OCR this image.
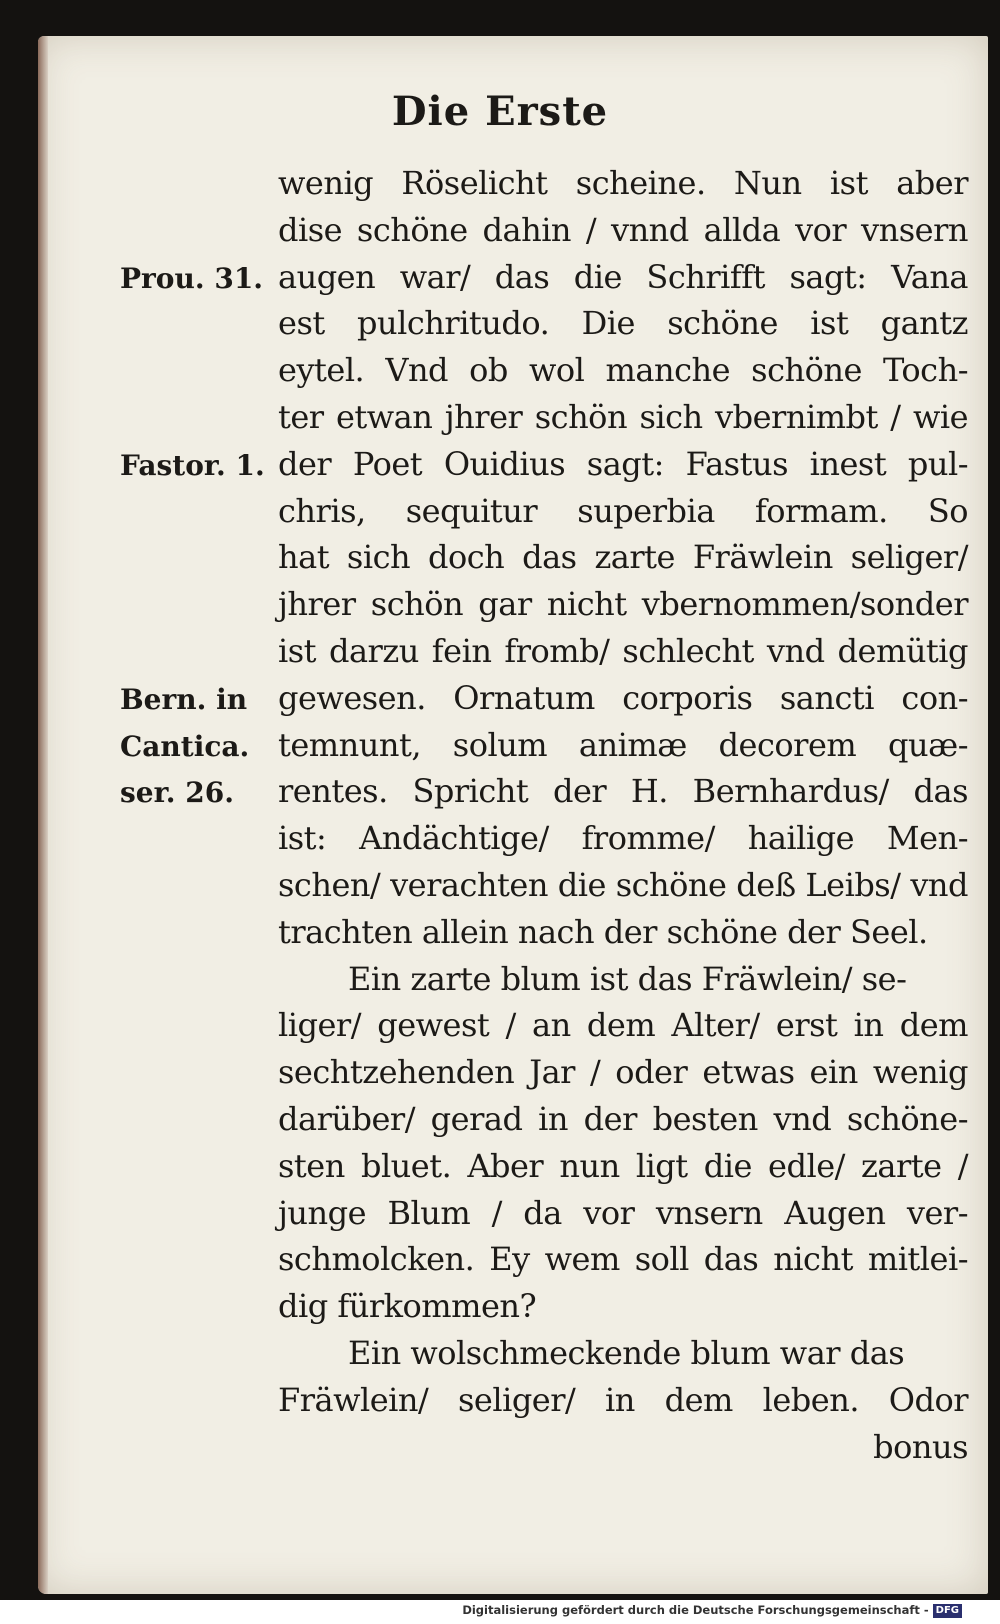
Die Erste
wenig Röselicht scheine. Nun ist aber
dise schöne dahin / vnnd allda vor vnsern
augen war/ das die Schrifft sagt: Vana
est pulchritudo. Die schöne ist gantz
eytel. Vnd ob wol manche schöne Toch-
ter etwan jhrer schön sich vbernimbt / wie
der Poet Ouidius sagt: Fastus inest pul-
chris, sequitur superbia formam. So
hat sich doch das zarte Fräwlein seliger/
jhrer schön gar nicht vbernommen/sonder
ist darzu fein fromb/ schlecht vnd demütig
gewesen. Ornatum corporis sancti con-
temnunt, solum animæ decorem quæ-
rentes. Spricht der H. Bernhardus/ das
ist: Andächtige/ fromme/ hailige Men-
schen/ verachten die schöne deß Leibs/ vnd
trachten allein nach der schöne der Seel.
Ein zarte blum ist das Fräwlein/ se-
liger/ gewest / an dem Alter/ erst in dem
sechtzehenden Jar / oder etwas ein wenig
darüber/ gerad in der besten vnd schöne-
sten bluet. Aber nun ligt die edle/ zarte /
junge Blum / da vor vnsern Augen ver-
schmolcken. Ey wem soll das nicht mitlei-
dig fürkommen?
Ein wolschmeckende blum war das
Fräwlein/ seliger/ in dem leben. Odor
bonus
Prou. 31.
Fastor. 1.
Bern. in
Cantica.
ser. 26.
Digitalisierung gefördert durch die Deutsche Forschungsgemeinschaft - DFG
